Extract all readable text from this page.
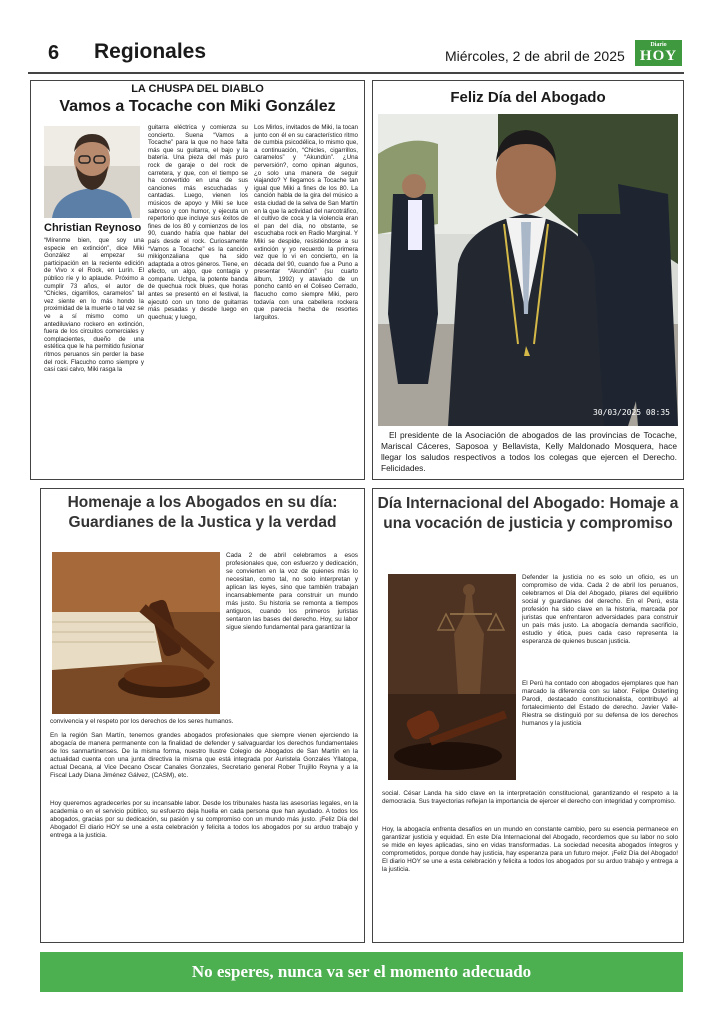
6 Regionales	Miércoles, 2 de abril de 2025
Diario
HOY
LA CHUSPA DEL DIABLO
Vamos a Tocache con Miki González
Christian Reynoso
“Mírenme bien, que soy una especie en extinción”, dice Miki González al empezar su participación en la reciente edición de Vivo x el Rock, en Lurín. El público ríe y lo aplaude. Próximo a cumplir 73 años, el autor de “Chicles, cigarrillos, caramelos” tal vez siente en lo más hondo la proximidad de la muerte o tal vez se ve a sí mismo como un antediluviano rockero en extinción, fuera de los circuitos comerciales y complacientes, dueño de una estética que le ha permitido fusionar ritmos peruanos sin perder la base del rock. Flacucho como siempre y casi casi calvo, Miki rasga la
guitarra eléctrica y comienza su concierto. Suena “Vamos a Tocache” para la que no hace falta más que su guitarra, el bajo y la batería. Una pieza del más puro rock de garaje o del rock de carretera, y que, con el tiempo se ha convertido en una de sus canciones más escuchadas y cantadas. Luego, vienen los músicos de apoyo y Miki se luce sabroso y con humor, y ejecuta un repertorio que incluye sus éxitos de fines de los 80 y comienzos de los 90, cuando había que hablar del país desde el rock. Curiosamente “Vamos a Tocache” es la canción mikigonzaliana que ha sido adaptada a otros géneros. Tiene, en efecto, un algo, que contagia y comparte. Uchpa, la potente banda de quechua rock blues, que horas antes se presentó en el festival, la ejecutó con un tono de guitarras más pesadas y desde luego en quechua; y luego,
Los Mirlos, invitados de Miki, la tocan junto con él en su característico ritmo de cumbia psicodélica, lo mismo que, a continuación, “Chicles, cigarrillos, caramelos” y “Akundún”. ¿Una perversión?, como opinan algunos, ¿o solo una manera de seguir viajando? Y llegamos a Tocache tan igual que Miki a fines de los 80. La canción habla de la gira del músico a esta ciudad de la selva de San Martín en la que la actividad del narcotráfico, el cultivo de coca y la violencia eran el pan del día, no obstante, se escuchaba rock en Radio Marginal. Y Miki se despide, resistiéndose a su extinción y yo recuerdo la primera vez que lo vi en concierto, en la década del 90, cuando fue a Puno a presentar “Akundún” (su cuarto álbum, 1992) y ataviado de un poncho cantó en el Coliseo Cerrado, flacucho como siempre Miki, pero todavía con una cabellera rockera que parecía hecha de resortes larguitos.
Feliz Día del Abogado
30/03/2025 08:35
El presidente de la Asociación de abogados de las provincias de Tocache, Mariscal Cáceres, Saposoa y Bellavista, Kelly Maldonado Mosquera, hace llegar los saludos respectivos a todos los colegas que ejercen el Derecho. Felicidades.
Homenaje a los Abogados en su día: Guardianes de la Justica y la verdad
Cada 2 de abril celebramos a esos profesionales que, con esfuerzo y dedicación, se convierten en la voz de quienes más lo necesitan, como tal, no solo interpretan y aplican las leyes, sino que también trabajan incansablemente para construir un mundo más justo. Su historia se remonta a tiempos antiguos, cuando los primeros juristas sentaron las bases del derecho. Hoy, su labor sigue siendo fundamental para garantizar la
convivencia y el respeto por los derechos de los seres humanos.
En la región San Martín, tenemos grandes abogados profesionales que siempre vienen ejerciendo la abogacía de manera permanente con la finalidad de defender y salvaguardar los derechos fundamentales de los sanmartinenses. De la misma forma, nuestro Ilustre Colegio de Abogados de San Martín en la actualidad cuenta con una junta directiva la misma que está integrada por Auristela Gonzales Yllatopa, actual Decana, al Vice Decano Oscar Canales Gonzales, Secretario general Rober Trujillo Reyna y a la Fiscal Lady Diana Jiménez Gálvez, (CASM), etc.
Hoy queremos agradecerles por su incansable labor. Desde los tribunales hasta las asesorías legales, en la academia o en el servicio público, su esfuerzo deja huella en cada persona que han ayudado. A todos los abogados, gracias por su dedicación, su pasión y su compromiso con un mundo más justo. ¡Feliz Día del Abogado! El diario HOY se une a esta celebración y felicita a todos los abogados por su arduo trabajo y entrega a la justicia.
Día Internacional del Abogado: Homaje a una vocación de justicia y compromiso
Defender la justicia no es solo un oficio, es un compromiso de vida. Cada 2 de abril los peruanos, celebramos el Día del Abogado, pilares del equilibrio social y guardianes del derecho. En el Perú, esta profesión ha sido clave en la historia, marcada por juristas que enfrentaron adversidades para construir un país más justo. La abogacía demanda sacrificio, estudio y ética, pues cada caso representa la esperanza de quienes buscan justicia.
El Perú ha contado con abogados ejemplares que han marcado la diferencia con su labor. Felipe Osterling Parodi, destacado constitucionalista, contribuyó al fortalecimiento del Estado de derecho. Javier Valle-Riestra se distinguió por su defensa de los derechos humanos y la justicia
social. César Landa ha sido clave en la interpretación constitucional, garantizando el respeto a la democracia. Sus trayectorias reflejan la importancia de ejercer el derecho con integridad y compromiso.
Hoy, la abogacía enfrenta desafíos en un mundo en constante cambio, pero su esencia permanece en garantizar justicia y equidad. En este Día Internacional del Abogado, recordemos que su labor no solo se mide en leyes aplicadas, sino en vidas transformadas. La sociedad necesita abogados íntegros y comprometidos, porque donde hay justicia, hay esperanza para un futuro mejor. ¡Feliz Día del Abogado! El diario HOY se une a esta celebración y felicita a todos los abogados por su arduo trabajo y entrega a la justicia.
No esperes, nunca va ser el momento adecuado
